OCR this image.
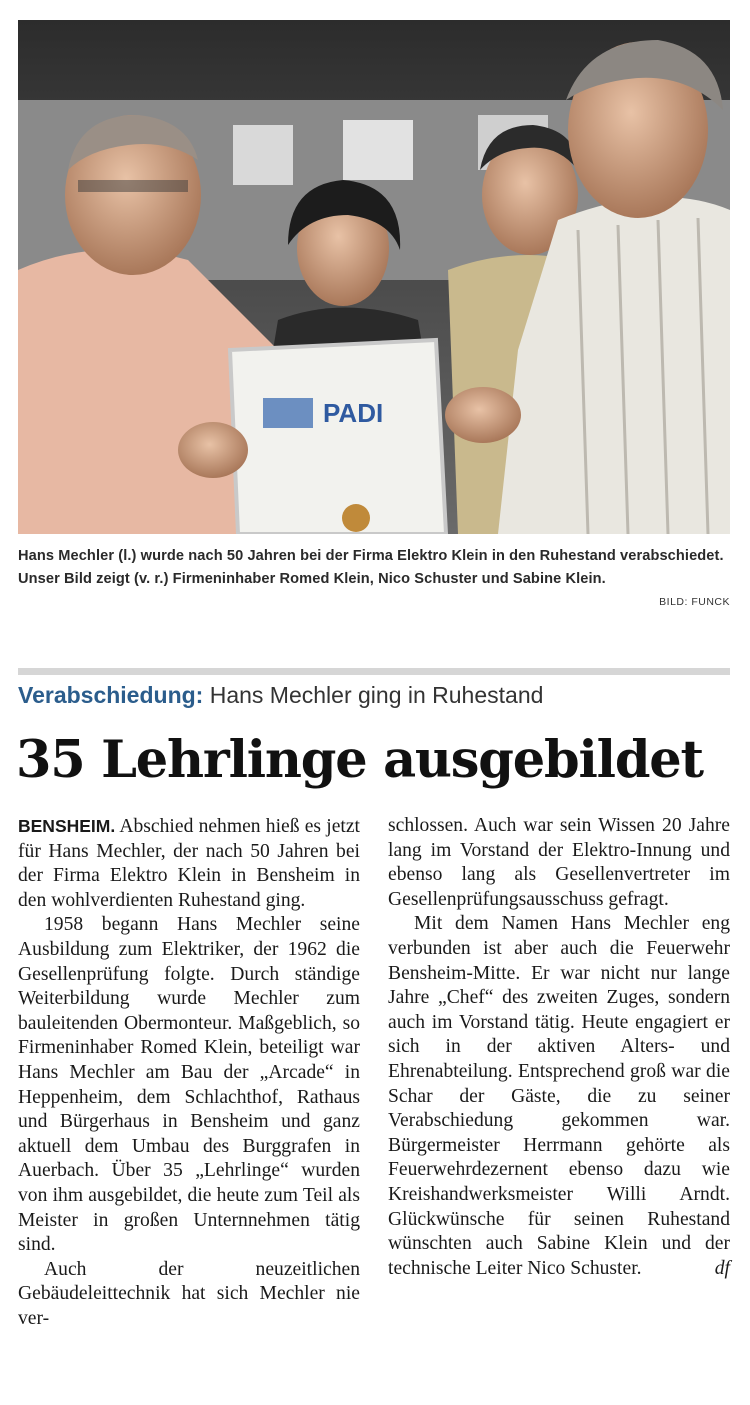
PADI
Hans Mechler (l.) wurde nach 50 Jahren bei der Firma Elektro Klein in den Ruhestand verabschiedet. Unser Bild zeigt (v. r.) Firmeninhaber Romed Klein, Nico Schuster und Sabine Klein.
BILD: FUNCK
Verabschiedung: Hans Mechler ging in Ruhestand
35 Lehrlinge ausgebildet

BENSHEIM. Abschied nehmen hieß es jetzt für Hans Mechler, der nach 50 Jahren bei der Firma Elektro Klein in Bensheim in den wohlverdienten Ruhestand ging.

1958 begann Hans Mechler seine Ausbildung zum Elektriker, der 1962 die Gesellenprüfung folgte. Durch ständige Weiterbildung wurde Mechler zum bauleitenden Obermonteur. Maßgeblich, so Firmeninhaber Romed Klein, beteiligt war Hans Mechler am Bau der „Arcade“ in Heppenheim, dem Schlachthof, Rathaus und Bürgerhaus in Bensheim und ganz aktuell dem Umbau des Burggrafen in Auerbach. Über 35 „Lehrlinge“ wurden von ihm ausgebildet, die heute zum Teil als Meister in großen Unternnehmen tätig sind.

Auch der neuzeitlichen Gebäudeleittechnik hat sich Mechler nie ver-

schlossen. Auch war sein Wissen 20 Jahre lang im Vorstand der Elektro-Innung und ebenso lang als Gesellenvertreter im Gesellenprüfungsausschuss gefragt.

Mit dem Namen Hans Mechler eng verbunden ist aber auch die Feuerwehr Bensheim-Mitte. Er war nicht nur lange Jahre „Chef“ des zweiten Zuges, sondern auch im Vorstand tätig. Heute engagiert er sich in der aktiven Alters- und Ehrenabteilung. Entsprechend groß war die Schar der Gäste, die zu seiner Verabschiedung gekommen war. Bürgermeister Herrmann gehörte als Feuerwehrdezernent ebenso dazu wie Kreishandwerksmeister Willi Arndt. Glückwünsche für seinen Ruhestand wünschten auch Sabine Klein und der technische Leiter Nico Schuster.	df
